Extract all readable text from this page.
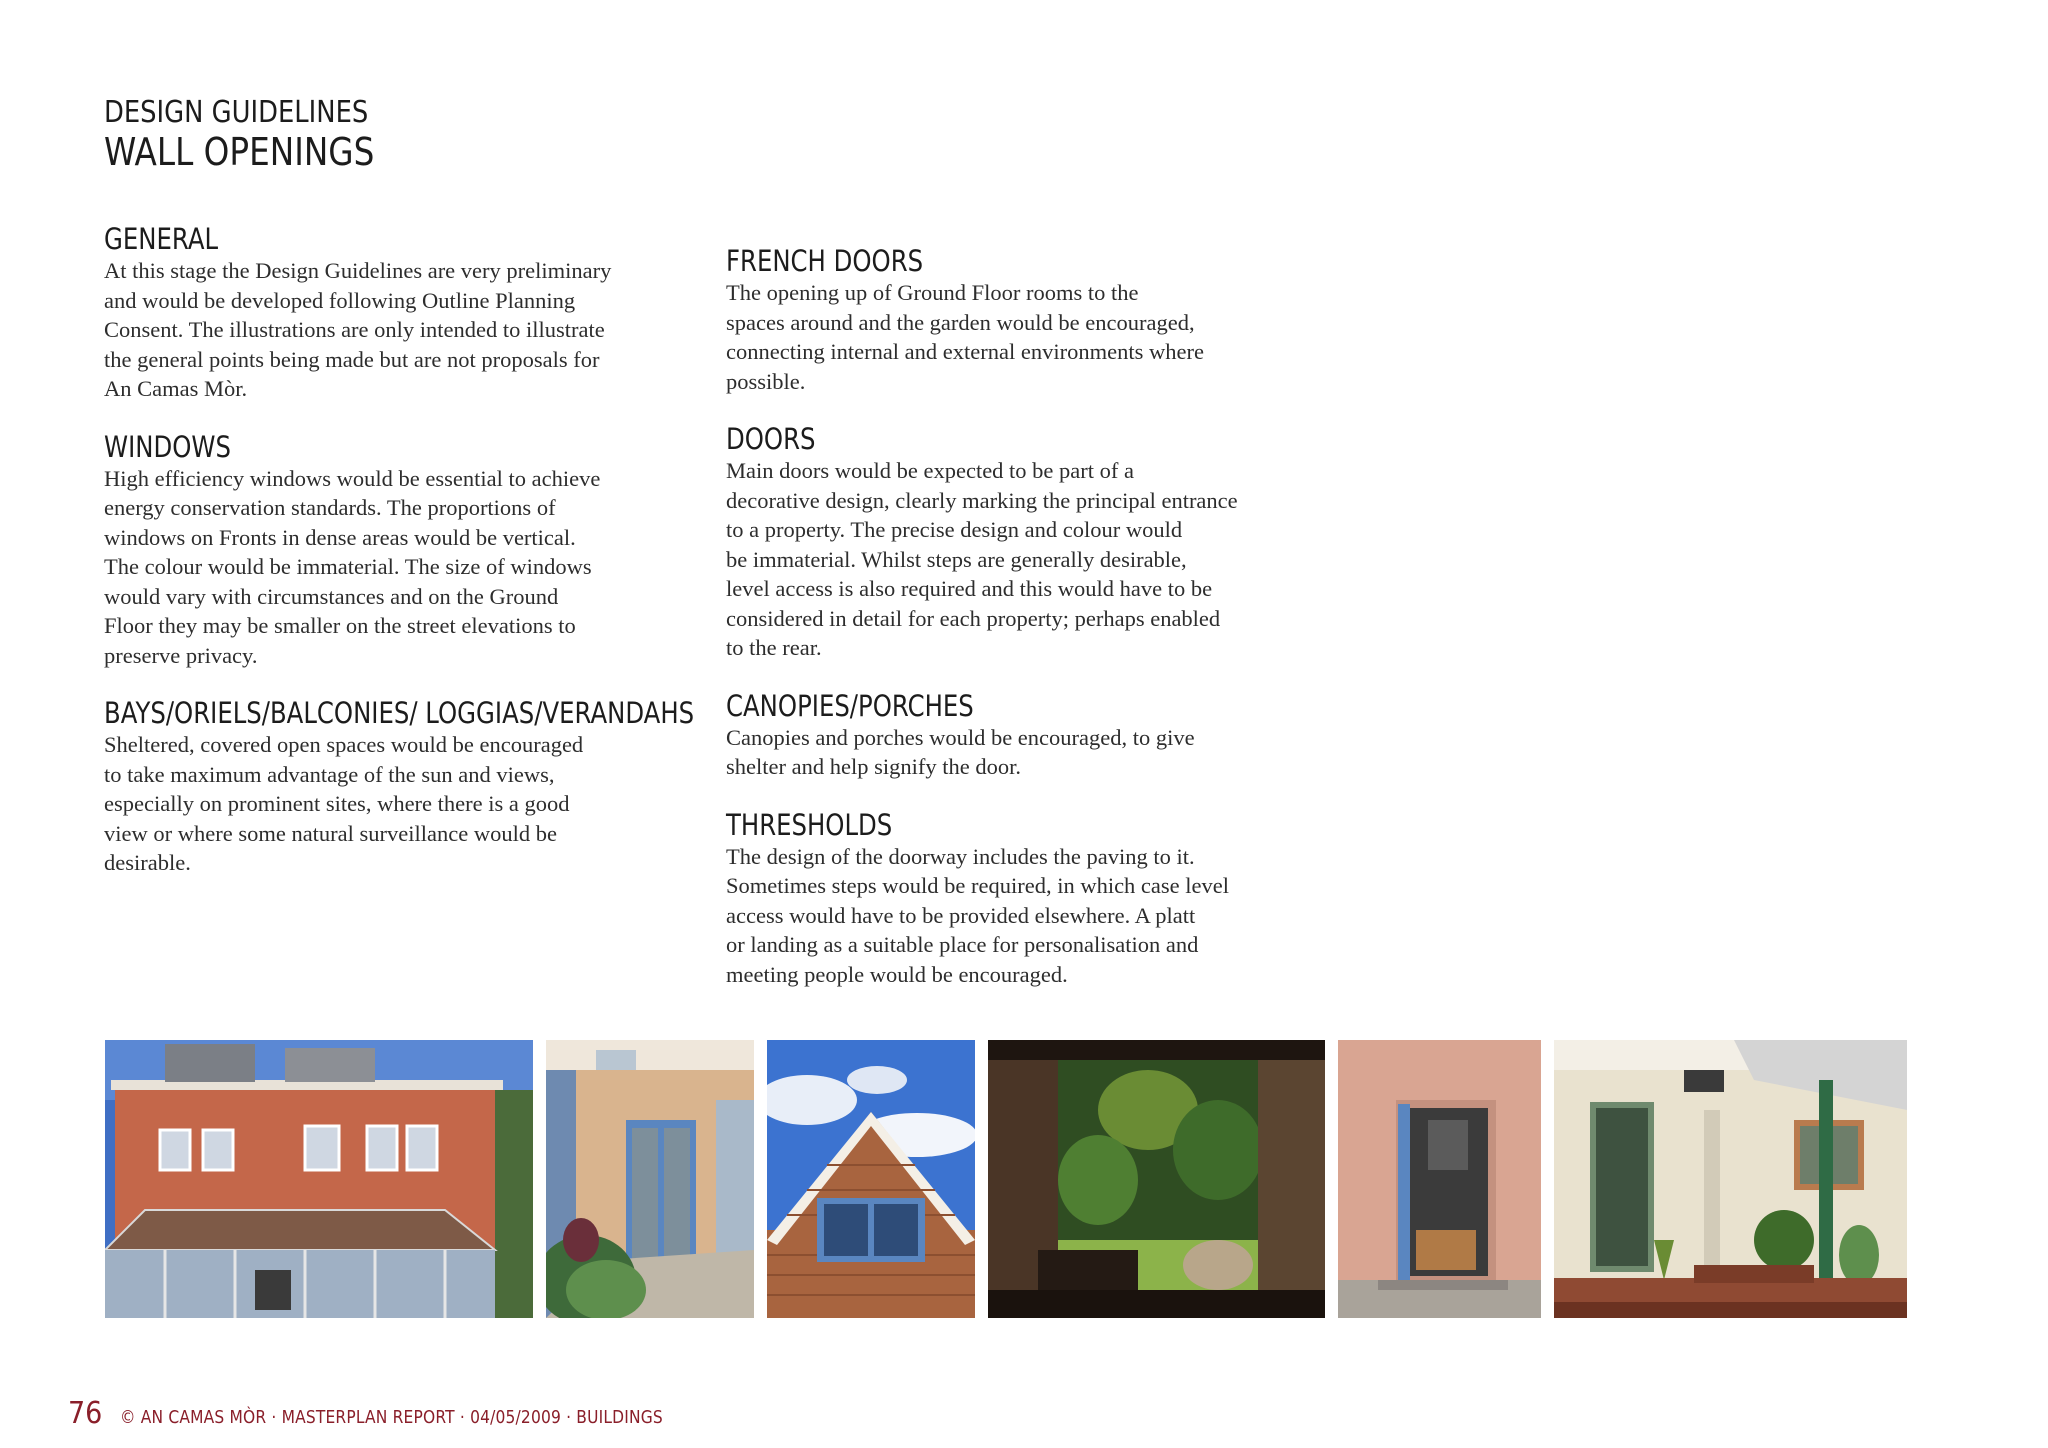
DESIGN GUIDELINES
WALL OPENINGS
GENERAL
At this stage the Design Guidelines are very preliminary
and would be developed following Outline Planning
Consent. The illustrations are only intended to illustrate
the general points being made but are not proposals for
An Camas Mòr.
WINDOWS
High efficiency windows would be essential to achieve
energy conservation standards. The proportions of
windows on Fronts in dense areas would be vertical.
The colour would be immaterial. The size of windows
would vary with circumstances and on the Ground
Floor they may be smaller on the street elevations to
preserve privacy.
BAYS/ORIELS/BALCONIES/ LOGGIAS/VERANDAHS
Sheltered, covered open spaces would be encouraged
to take maximum advantage of the sun and views,
especially on prominent sites, where there is a good
view or where some natural surveillance would be
desirable.
FRENCH DOORS
The opening up of Ground Floor rooms to the
spaces around and the garden would be encouraged,
connecting internal and external environments where
possible.
DOORS
Main doors would be expected to be part of a
decorative design, clearly marking the principal entrance
to a property. The precise design and colour would
be immaterial. Whilst steps are generally desirable,
level access is also required and this would have to be
considered in detail for each property; perhaps enabled
to the rear.
CANOPIES/PORCHES
Canopies and porches would be encouraged, to give
shelter and help signify the door.
THRESHOLDS
The design of the doorway includes the paving to it.
Sometimes steps would be required, in which case level
access would have to be provided elsewhere. A platt
or landing as a suitable place for personalisation and
meeting people would be encouraged.
76 © AN CAMAS MÒR · MASTERPLAN REPORT · 04/05/2009 · BUILDINGS
